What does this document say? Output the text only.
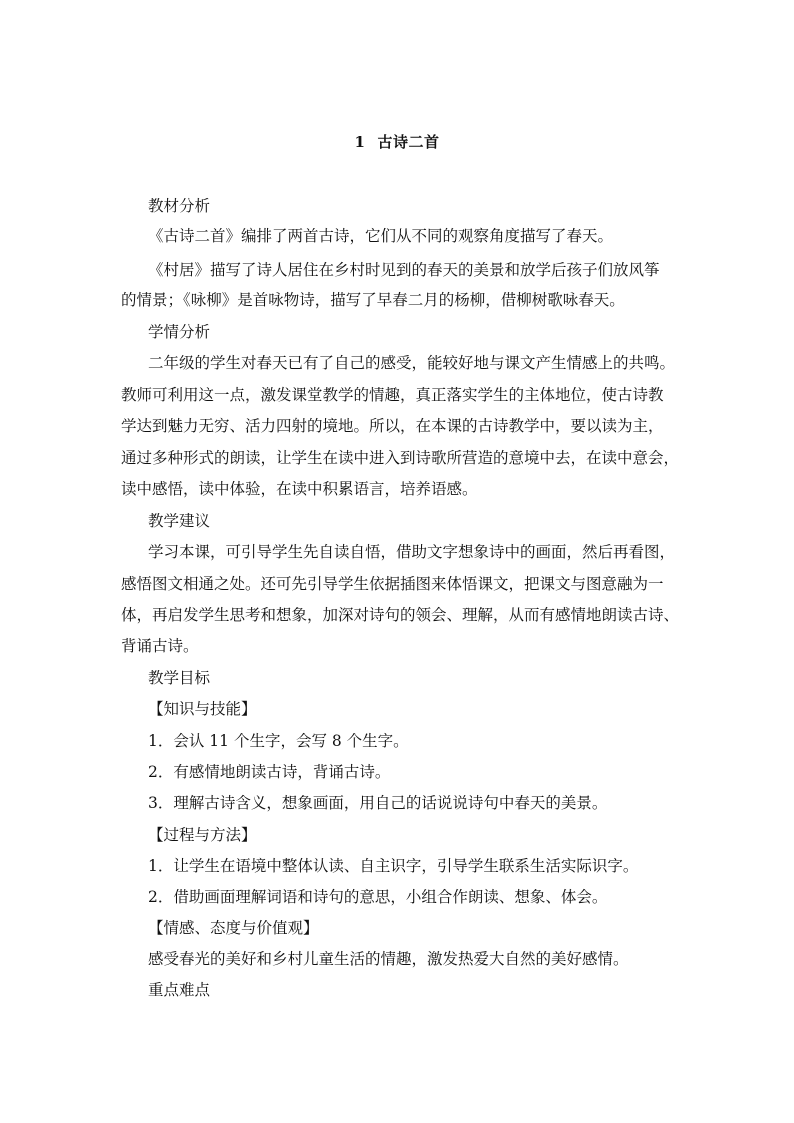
1 古诗二首

教材分析

《古诗二首》编排了两首古诗，它们从不同的观察角度描写了春天。

《村居》描写了诗人居住在乡村时见到的春天的美景和放学后孩子们放风筝

的情景；《咏柳》是首咏物诗，描写了早春二月的杨柳，借柳树歌咏春天。

学情分析

二年级的学生对春天已有了自己的感受，能较好地与课文产生情感上的共鸣。

教师可利用这一点，激发课堂教学的情趣，真正落实学生的主体地位，使古诗教

学达到魅力无穷、活力四射的境地。所以，在本课的古诗教学中，要以读为主，

通过多种形式的朗读，让学生在读中进入到诗歌所营造的意境中去，在读中意会，

读中感悟，读中体验，在读中积累语言，培养语感。

教学建议

学习本课，可引导学生先自读自悟，借助文字想象诗中的画面，然后再看图，

感悟图文相通之处。还可先引导学生依据插图来体悟课文，把课文与图意融为一

体，再启发学生思考和想象，加深对诗句的领会、理解，从而有感情地朗读古诗、

背诵古诗。

教学目标

【知识与技能】

1．会认 11 个生字，会写 8 个生字。

2．有感情地朗读古诗，背诵古诗。

3．理解古诗含义，想象画面，用自己的话说说诗句中春天的美景。

【过程与方法】

1．让学生在语境中整体认读、自主识字，引导学生联系生活实际识字。

2．借助画面理解词语和诗句的意思，小组合作朗读、想象、体会。

【情感、态度与价值观】

感受春光的美好和乡村儿童生活的情趣，激发热爱大自然的美好感情。

重点难点
